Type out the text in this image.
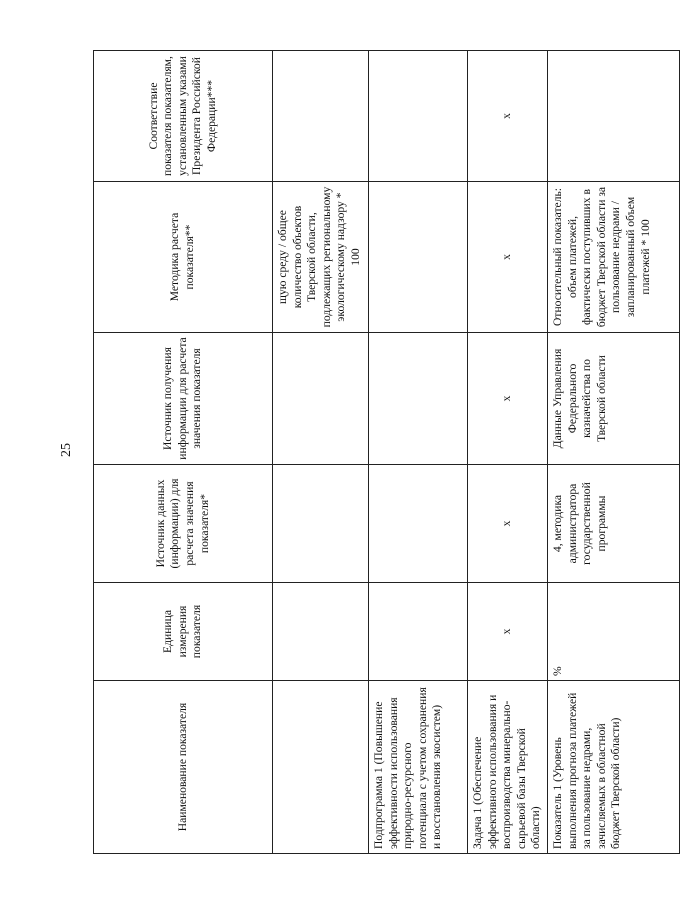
25
Наименование показателя	Единица измерения показателя	Источник данных (информации) для расчета значения показателя*	Источник получения информации для расчета значения показателя	Методика расчета показателя**	Соответствие показателя показателям, установленным указами Президента Российской Федерации***
				щую среду / общее количество объектов Тверской области, подлежащих региональному экологическому надзору * 100	
Подпрограмма 1 (Повышение эффективности использования природно-ресурсного потенциала с учетом сохранения и восстановления экосистем)					
Задача 1 (Обеспечение эффективного использования и воспроизводства минерально-сырьевой базы Тверской области)	x	x	x	x	x
Показатель 1 (Уровень выполнения прогноза платежей за пользование недрами, зачисляемых в областной бюджет Тверской области)	%	4, методика администратора государственной программы	Данные Управления Федерального казначейства по Тверской области	Относительный показатель: объем платежей, фактически поступивших в бюджет Тверской области за пользование недрами / запланированный объем платежей * 100	
